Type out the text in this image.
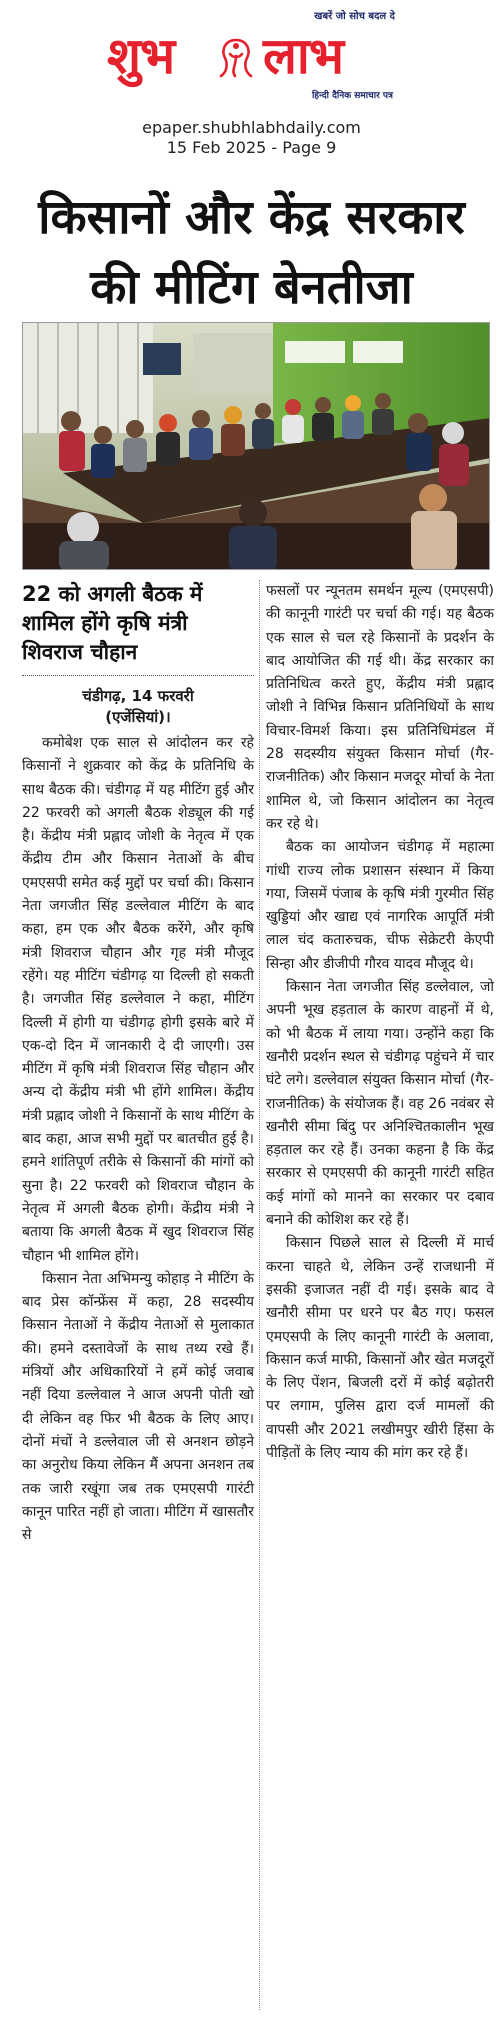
खबरें जो सोच बदल दे
शुभ लाभ
हिन्दी दैनिक समाचार पत्र
epaper.shubhlabhdaily.com
15 Feb 2025 - Page 9
किसानों और केंद्र सरकार
की मीटिंग बेनतीजा
22 को अगली बैठक में शामिल होंगे कृषि मंत्री शिवराज चौहान
चंडीगढ़, 14 फरवरी
(एजेंसियां)।

कमोबेश एक साल से आंदोलन कर रहे किसानों ने शुक्रवार को केंद्र के प्रतिनिधि के साथ बैठक की। चंडीगढ़ में यह मीटिंग हुई और 22 फरवरी को अगली बैठक शेड्यूल की गई है। केंद्रीय मंत्री प्रह्लाद जोशी के नेतृत्व में एक केंद्रीय टीम और किसान नेताओं के बीच एमएसपी समेत कई मुद्दों पर चर्चा की। किसान नेता जगजीत सिंह डल्लेवाल मीटिंग के बाद कहा, हम एक और बैठक करेंगे, और कृषि मंत्री शिवराज चौहान और गृह मंत्री मौजूद रहेंगे। यह मीटिंग चंडीगढ़ या दिल्ली हो सकती है। जगजीत सिंह डल्लेवाल ने कहा, मीटिंग दिल्ली में होगी या चंडीगढ़ होगी इसके बारे में एक-दो दिन में जानकारी दे दी जाएगी। उस मीटिंग में कृषि मंत्री शिवराज सिंह चौहान और अन्य दो केंद्रीय मंत्री भी होंगे शामिल। केंद्रीय मंत्री प्रह्लाद जोशी ने किसानों के साथ मीटिंग के बाद कहा, आज सभी मुद्दों पर बातचीत हुई है। हमने शांतिपूर्ण तरीके से किसानों की मांगों को सुना है। 22 फरवरी को शिवराज चौहान के नेतृत्व में अगली बैठक होगी। केंद्रीय मंत्री ने बताया कि अगली बैठक में खुद शिवराज सिंह चौहान भी शामिल होंगे।

किसान नेता अभिमन्यु कोहाड़ ने मीटिंग के बाद प्रेस कॉन्फ्रेंस में कहा, 28 सदस्यीय किसान नेताओं ने केंद्रीय नेताओं से मुलाकात की। हमने दस्तावेजों के साथ तथ्य रखे हैं। मंत्रियों और अधिकारियों ने हमें कोई जवाब नहीं दिया डल्लेवाल ने आज अपनी पोती खो दी लेकिन वह फिर भी बैठक के लिए आए। दोनों मंचों ने डल्लेवाल जी से अनशन छोड़ने का अनुरोध किया लेकिन मैं अपना अनशन तब तक जारी रखूंगा जब तक एमएसपी गारंटी कानून पारित नहीं हो जाता। मीटिंग में खासतौर से

फसलों पर न्यूनतम समर्थन मूल्य (एमएसपी) की कानूनी गारंटी पर चर्चा की गई। यह बैठक एक साल से चल रहे किसानों के प्रदर्शन के बाद आयोजित की गई थी। केंद्र सरकार का प्रतिनिधित्व करते हुए, केंद्रीय मंत्री प्रह्लाद जोशी ने विभिन्न किसान प्रतिनिधियों के साथ विचार-विमर्श किया। इस प्रतिनिधिमंडल में 28 सदस्यीय संयुक्त किसान मोर्चा (गैर-राजनीतिक) और किसान मजदूर मोर्चा के नेता शामिल थे, जो किसान आंदोलन का नेतृत्व कर रहे थे।

बैठक का आयोजन चंडीगढ़ में महात्मा गांधी राज्य लोक प्रशासन संस्थान में किया गया, जिसमें पंजाब के कृषि मंत्री गुरमीत सिंह खुड्डियां और खाद्य एवं नागरिक आपूर्ति मंत्री लाल चंद कतारुचक, चीफ सेक्रेटरी केएपी सिन्हा और डीजीपी गौरव यादव मौजूद थे।

किसान नेता जगजीत सिंह डल्लेवाल, जो अपनी भूख हड़ताल के कारण वाहनों में थे, को भी बैठक में लाया गया। उन्होंने कहा कि खनौरी प्रदर्शन स्थल से चंडीगढ़ पहुंचने में चार घंटे लगे। डल्लेवाल संयुक्त किसान मोर्चा (गैर-राजनीतिक) के संयोजक हैं। वह 26 नवंबर से खनौरी सीमा बिंदु पर अनिश्चितकालीन भूख हड़ताल कर रहे हैं। उनका कहना है कि केंद्र सरकार से एमएसपी की कानूनी गारंटी सहित कई मांगों को मानने का सरकार पर दबाव बनाने की कोशिश कर रहे हैं।

किसान पिछले साल से दिल्ली में मार्च करना चाहते थे, लेकिन उन्हें राजधानी में इसकी इजाजत नहीं दी गई। इसके बाद वे खनौरी सीमा पर धरने पर बैठ गए। फसल एमएसपी के लिए कानूनी गारंटी के अलावा, किसान कर्ज माफी, किसानों और खेत मजदूरों के लिए पेंशन, बिजली दरों में कोई बढ़ोतरी पर लगाम, पुलिस द्वारा दर्ज मामलों की वापसी और 2021 लखीमपुर खीरी हिंसा के पीड़ितों के लिए न्याय की मांग कर रहे हैं।
